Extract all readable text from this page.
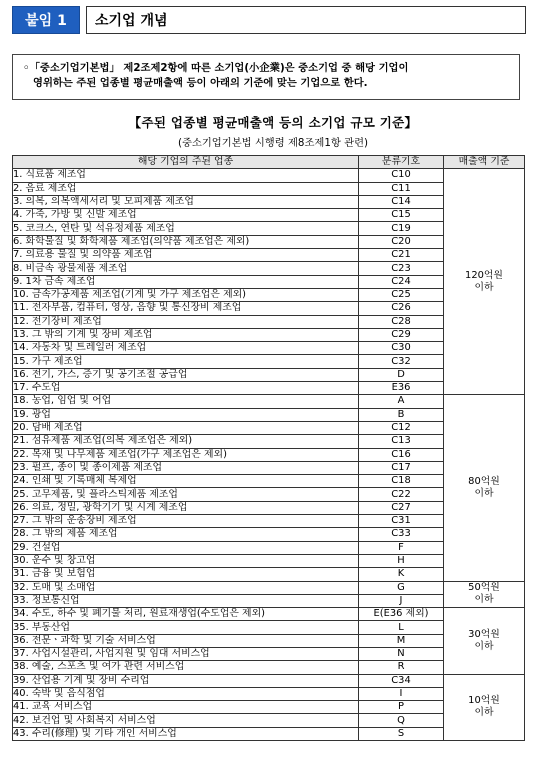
붙임 1	소기업 개념
◦「중소기업기본법」 제2조제2항에 따른 소기업(小企業)은 중소기업 중 해당 기업이
영위하는 주된 업종별 평균매출액 등이 아래의 기준에 맞는 기업으로 한다.
【주된 업종별 평균매출액 등의 소기업 규모 기준】
(중소기업기본법 시행령 제8조제1항 관련)
해당 기업의 주된 업종	분류기호	매출액 기준
1. 식료품 제조업	C10	120억원
이하

2. 음료 제조업	C11	
3. 의복, 의복액세서리 및 모피제품 제조업	C14	
4. 가죽, 가방 및 신발 제조업	C15	
5. 코크스, 연탄 및 석유정제품 제조업	C19	
6. 화학물질 및 화학제품 제조업(의약품 제조업은 제외)	C20	
7. 의료용 물질 및 의약품 제조업	C21	
8. 비금속 광물제품 제조업	C23	
9. 1차 금속 제조업	C24	
10. 금속가공제품 제조업(기계 및 가구 제조업은 제외)	C25	
11. 전자부품, 컴퓨터, 영상, 음향 및 통신장비 제조업	C26	
12. 전기장비 제조업	C28	
13. 그 밖의 기계 및 장비 제조업	C29	
14. 자동차 및 트레일러 제조업	C30	
15. 가구 제조업	C32	
16. 전기, 가스, 증기 및 공기조절 공급업	D	
17. 수도업	E36	
18. 농업, 임업 및 어업	A	80억원
이하

19. 광업	B	
20. 담배 제조업	C12	
21. 섬유제품 제조업(의복 제조업은 제외)	C13	
22. 목재 및 나무제품 제조업(가구 제조업은 제외)	C16	
23. 펄프, 종이 및 종이제품 제조업	C17	
24. 인쇄 및 기록매체 복제업	C18	
25. 고무제품, 및 플라스틱제품 제조업	C22	
26. 의료, 정밀, 광학기기 및 시계 제조업	C27	
27. 그 밖의 운송장비 제조업	C31	
28. 그 밖의 제품 제조업	C33	
29. 건설업	F	
30. 운수 및 창고업	H	
31. 금융 및 보험업	K	
32. 도매 및 소매업	G	50억원
이하

33. 정보통신업	J	
34. 수도, 하수 및 폐기물 처리, 원료재생업(수도업은 제외)	E(E36 제외)	30억원
이하

35. 부동산업	L	
36. 전문ㆍ과학 및 기술 서비스업	M	
37. 사업시설관리, 사업지원 및 임대 서비스업	N	
38. 예술, 스포츠 및 여가 관련 서비스업	R	
39. 산업용 기계 및 장비 수리업	C34	10억원
이하

40. 숙박 및 음식점업	I	
41. 교육 서비스업	P	
42. 보건업 및 사회복지 서비스업	Q	
43. 수리(修理) 및 기타 개인 서비스업	S	
